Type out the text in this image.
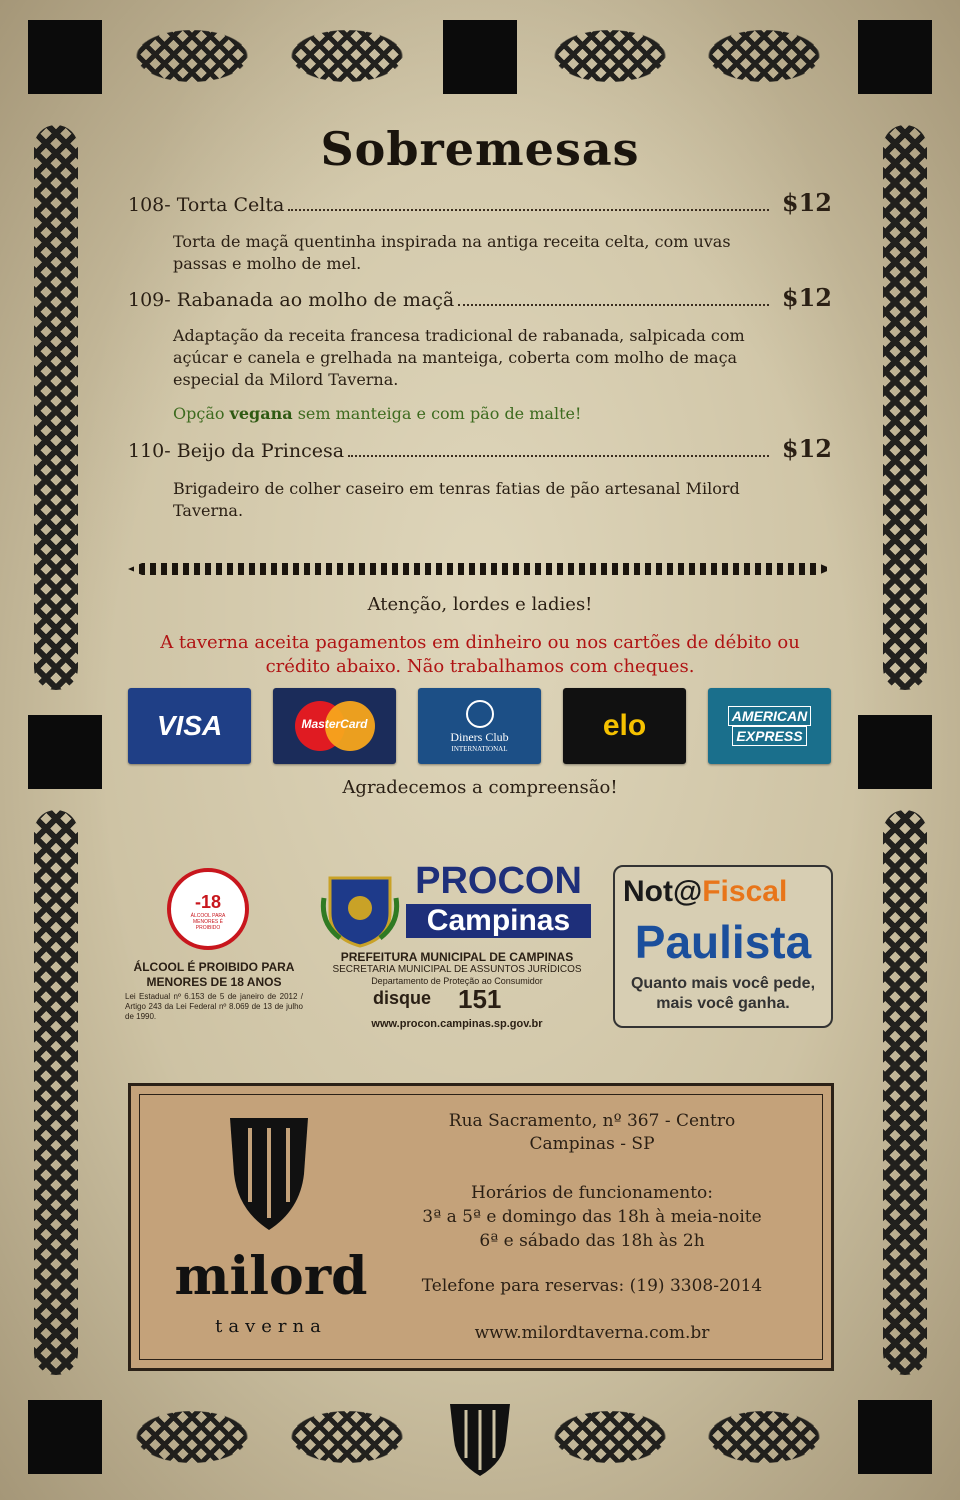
Sobremesas
108-
Torta Celta	$12
Torta de maçã quentinha inspirada na antiga receita celta, com uvas passas e molho de mel.
109-
Rabanada ao molho de maçã	$12
Adaptação da receita francesa tradicional de rabanada, salpicada com açúcar e canela e grelhada na manteiga, coberta com molho de maça especial da Milord Taverna.
Opção vegana sem manteiga e com pão de malte!
110-
Beijo da Princesa	$12
Brigadeiro de colher caseiro em tenras fatias de pão artesanal Milord Taverna.
Atenção, lordes e ladies!
A taverna aceita pagamentos em dinheiro ou nos cartões de débito ou
crédito abaixo. Não trabalhamos com cheques.
VISA	MasterCard
Diners Club
INTERNATIONAL
elo	AMERICAN
EXPRESS
Agradecemos a compreensão!
-18
ÁLCOOL PARA MENORES É PROIBIDO
ÁLCOOL É PROIBIDO PARA
MENORES DE 18 ANOS
Lei Estadual nº 6.153 de 5 de janeiro de 2012 / Artigo 243 da Lei Federal nº 8.069 de 13 de julho de 1990.
PROCON
Campinas
PREFEITURA MUNICIPAL DE CAMPINAS
SECRETARIA MUNICIPAL DE ASSUNTOS JURÍDICOS
Departamento de Proteção ao Consumidor
disque 151
www.procon.campinas.sp.gov.br
Not@Fiscal
Paulista
Quanto mais você pede,
mais você ganha.
milord
taverna
Rua Sacramento, nº 367 - Centro
Campinas - SP
Horários de funcionamento:
3ª a 5ª e domingo das 18h à meia-noite
6ª e sábado das 18h às 2h
Telefone para reservas: (19) 3308-2014
www.milordtaverna.com.br
